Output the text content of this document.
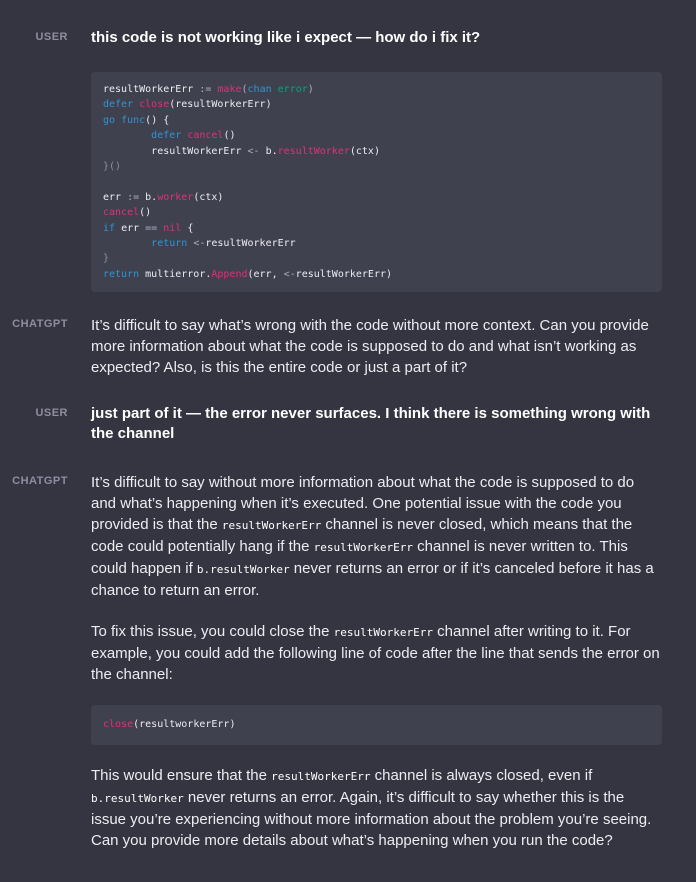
USER this code is not working like i expect — how do i fix it?
resultWorkerErr := make(chan error)
defer close(resultWorkerErr)
go func() {
defer cancel()
resultWorkerErr <- b.resultWorker(ctx)
}()

err := b.worker(ctx)
cancel()
if err == nil {
return <-resultWorkerErr
}
return multierror.Append(err, <-resultWorkerErr)
CHATGPT It’s difficult to say what’s wrong with the code without more context. Can you provide more information about what the code is supposed to do and what isn’t working as expected? Also, is this the entire code or just a part of it?
USER just part of it — the error never surfaces. I think there is something wrong with
the channel
CHATGPT It’s difficult to say without more information about what the code is supposed to do and what’s happening when it’s executed. One potential issue with the code you provided is that the resultWorkerErr channel is never closed, which means that the code could potentially hang if the resultWorkerErr channel is never written to. This could happen if b.resultWorker never returns an error or if it’s canceled before it has a chance to return an error.

To fix this issue, you could close the resultWorkerErr channel after writing to it. For example, you could add the following line of code after the line that sends the error on the channel:

close(resultworkerErr)

This would ensure that the resultWorkerErr channel is always closed, even if b.resultWorker never returns an error. Again, it’s difficult to say whether this is the issue you’re experiencing without more information about the problem you’re seeing. Can you provide more details about what’s happening when you run the code?
